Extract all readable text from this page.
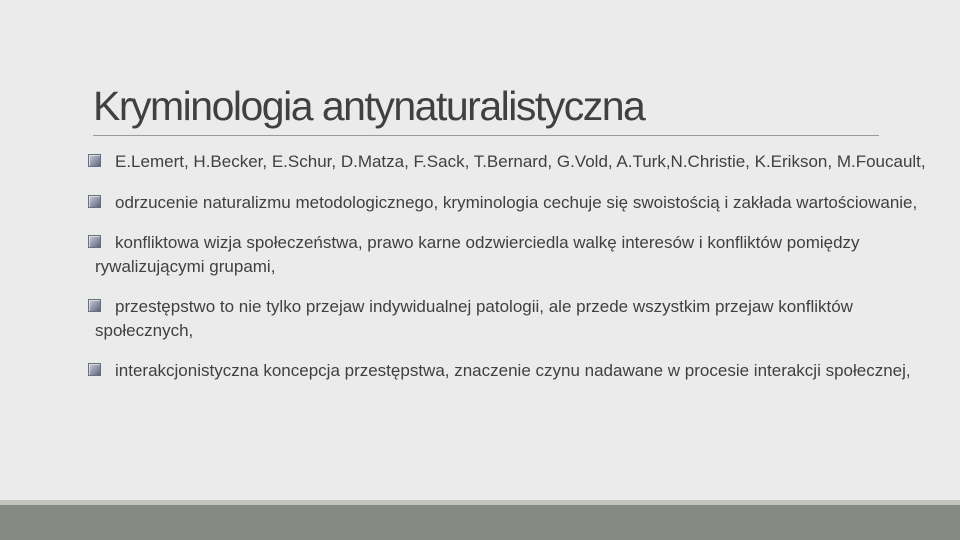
Kryminologia antynaturalistyczna
E.Lemert, H.Becker, E.Schur, D.Matza, F.Sack, T.Bernard, G.Vold, A.Turk,N.Christie, K.Erikson, M.Foucault,
odrzucenie naturalizmu metodologicznego, kryminologia cechuje się swoistością i zakłada wartościowanie,
konfliktowa wizja społeczeństwa, prawo karne odzwierciedla walkę interesów i konfliktów pomiędzy rywalizującymi grupami,
przestępstwo to nie tylko przejaw indywidualnej patologii, ale przede wszystkim przejaw konfliktów społecznych,
interakcjonistyczna koncepcja przestępstwa, znaczenie czynu nadawane w procesie interakcji społecznej,
